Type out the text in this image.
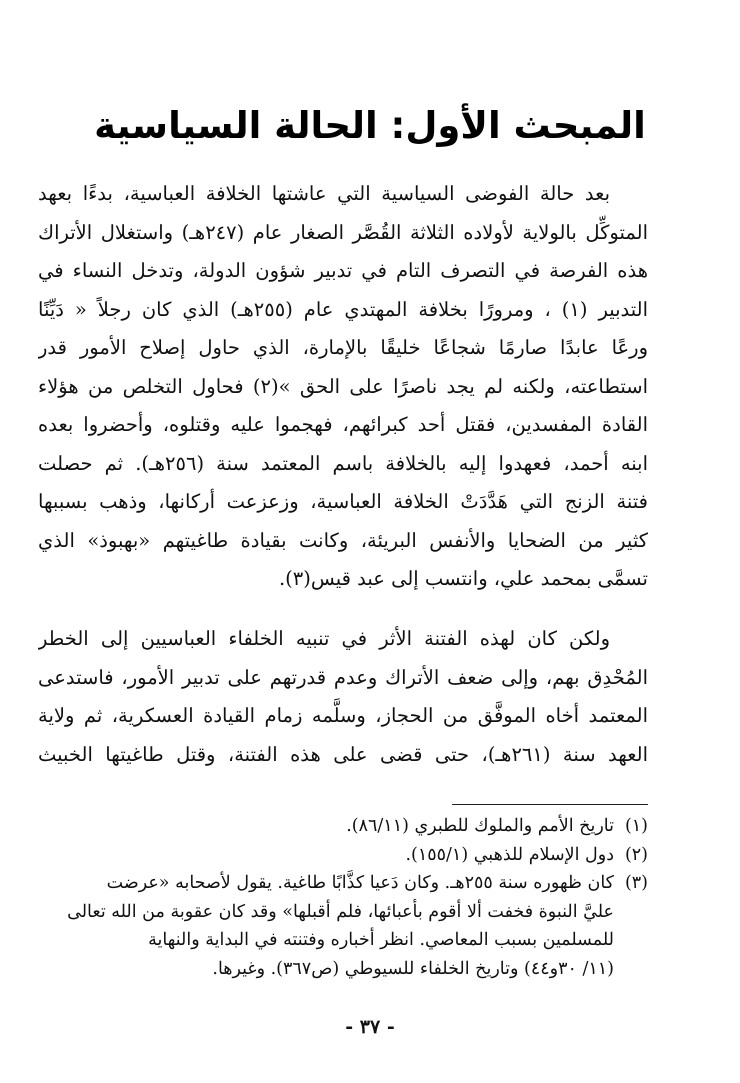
المبحث الأول: الحالة السياسية
بعد حالة الفوضى السياسية التي عاشتها الخلافة العباسية، بدءًا بعهد
المتوكِّل بالولاية لأولاده الثلاثة القُصَّر الصغار عام (٢٤٧هـ) واستغلال الأتراك
هذه الفرصة في التصرف التام في تدبير شؤون الدولة، وتدخل النساء في
التدبير (١) ، ومرورًا بخلافة المهتدي عام (٢٥٥هـ) الذي كان رجلاً « دَيِّنًا
ورعًا عابدًا صارمًا شجاعًا خليقًا بالإمارة، الذي حاول إصلاح الأمور قدر
استطاعته، ولكنه لم يجد ناصرًا على الحق »(٢) فحاول التخلص من هؤلاء
القادة المفسدين، فقتل أحد كبرائهم، فهجموا عليه وقتلوه، وأحضروا بعده
ابنه أحمد، فعهدوا إليه بالخلافة باسم المعتمد سنة (٢٥٦هـ). ثم حصلت
فتنة الزنج التي هَدَّدَتْ الخلافة العباسية، وزعزعت أركانها، وذهب بسببها
كثير من الضحايا والأنفس البريئة، وكانت بقيادة طاغيتهم «بهبوذ» الذي
تسمَّى بمحمد علي، وانتسب إلى عبد قيس(٣).
ولكن كان لهذه الفتنة الأثر في تنبيه الخلفاء العباسيين إلى الخطر
المُحْدِق بهم، وإلى ضعف الأتراك وعدم قدرتهم على تدبير الأمور، فاستدعى
المعتمد أخاه الموفَّق من الحجاز، وسلَّمه زمام القيادة العسكرية، ثم ولاية
العهد سنة (٢٦١هـ)، حتى قضى على هذه الفتنة، وقتل طاغيتها الخبيث
(١)
تاريخ الأمم والملوك للطبري (٨٦/١١).
(٢)
دول الإسلام للذهبي (١٥٥/١).
(٣)
كان ظهوره سنة ٢٥٥هـ. وكان دَعيا كذَّابًا طاغية. يقول لأصحابه «عرضت
عليَّ النبوة فخفت ألا أقوم بأعبائها، فلم أقبلها» وقد كان عقوبة من الله تعالى
للمسلمين بسبب المعاصي. انظر أخباره وفتنته في البداية والنهاية
(١١/ ٣٠و٤٤) وتاريخ الخلفاء للسيوطي (ص٣٦٧). وغيرها.
- ٣٧ -
